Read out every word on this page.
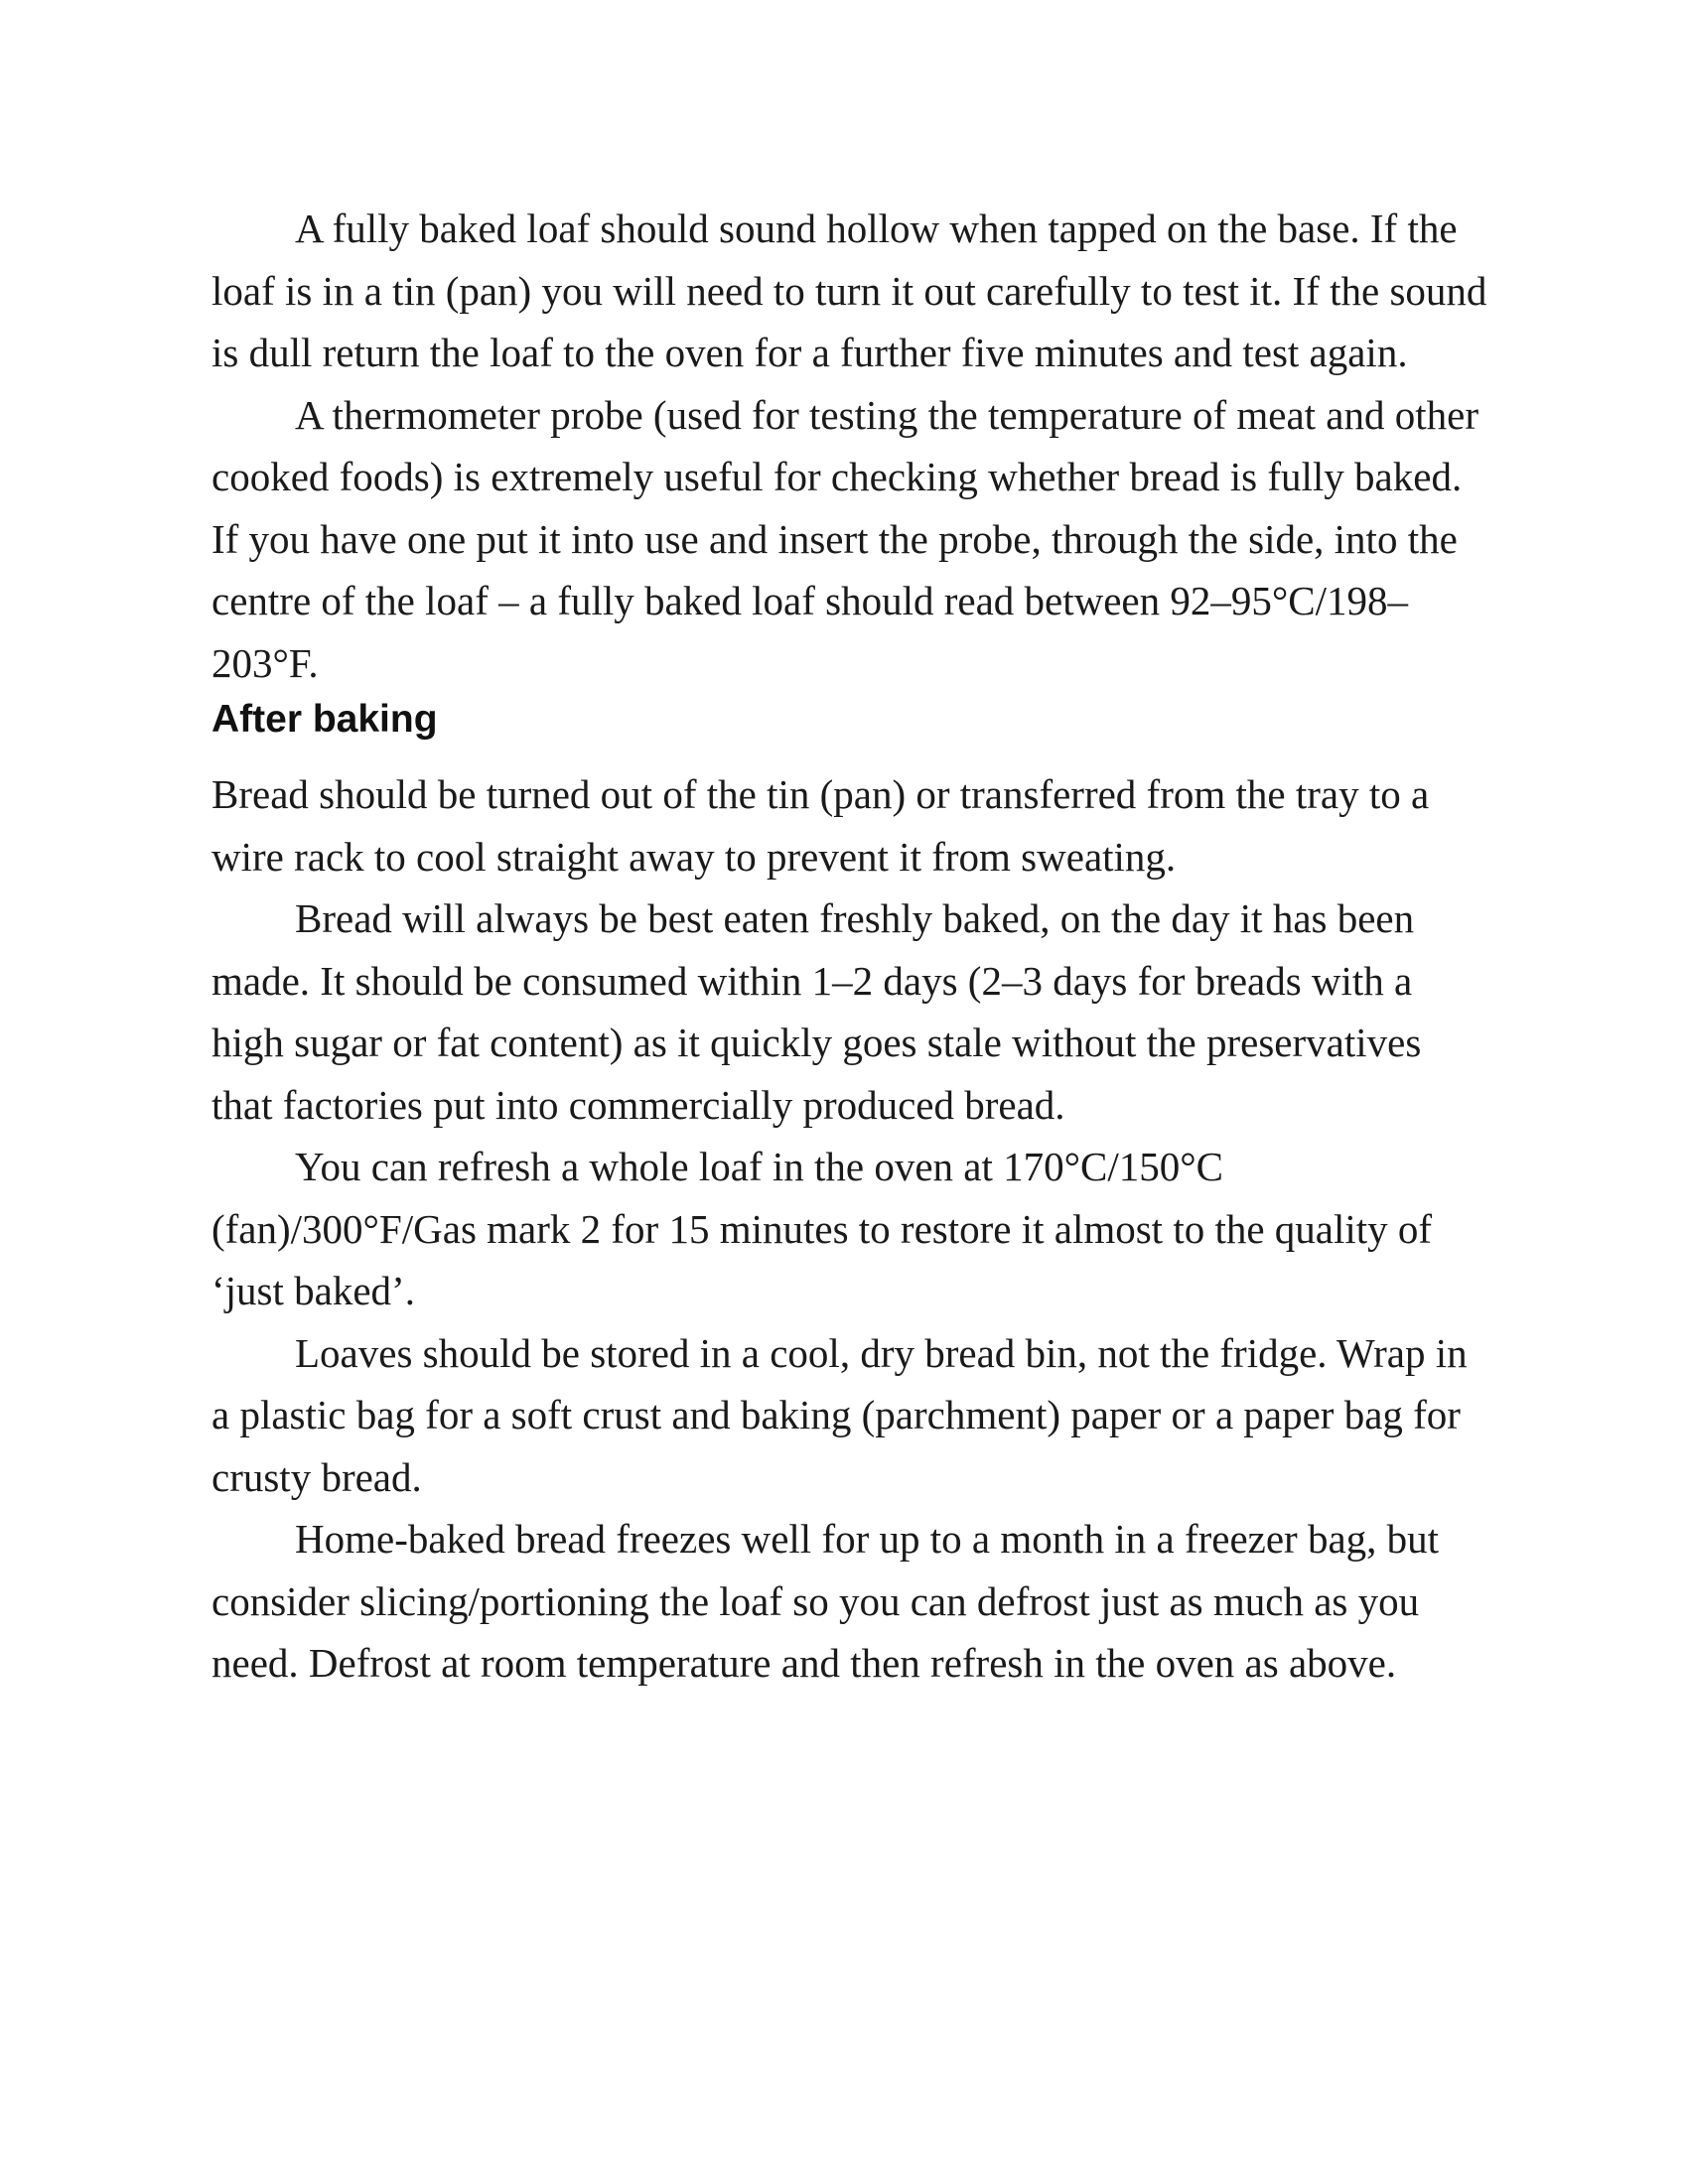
A fully baked loaf should sound hollow when tapped on the base. If the loaf is in a tin (pan) you will need to turn it out carefully to test it. If the sound is dull return the loaf to the oven for a further five minutes and test again.

A thermometer probe (used for testing the temperature of meat and other cooked foods) is extremely useful for checking whether bread is fully baked. If you have one put it into use and insert the probe, through the side, into the centre of the loaf – a fully baked loaf should read between 92–95°C/198–203°F.

After baking

Bread should be turned out of the tin (pan) or transferred from the tray to a wire rack to cool straight away to prevent it from sweating.

Bread will always be best eaten freshly baked, on the day it has been made. It should be consumed within 1–2 days (2–3 days for breads with a high sugar or fat content) as it quickly goes stale without the preservatives that factories put into commercially produced bread.

You can refresh a whole loaf in the oven at 170°C/150°C (fan)/300°F/Gas mark 2 for 15 minutes to restore it almost to the quality of ‘just baked’.

Loaves should be stored in a cool, dry bread bin, not the fridge. Wrap in a plastic bag for a soft crust and baking (parchment) paper or a paper bag for crusty bread.

Home-baked bread freezes well for up to a month in a freezer bag, but consider slicing/portioning the loaf so you can defrost just as much as you need. Defrost at room temperature and then refresh in the oven as above.
